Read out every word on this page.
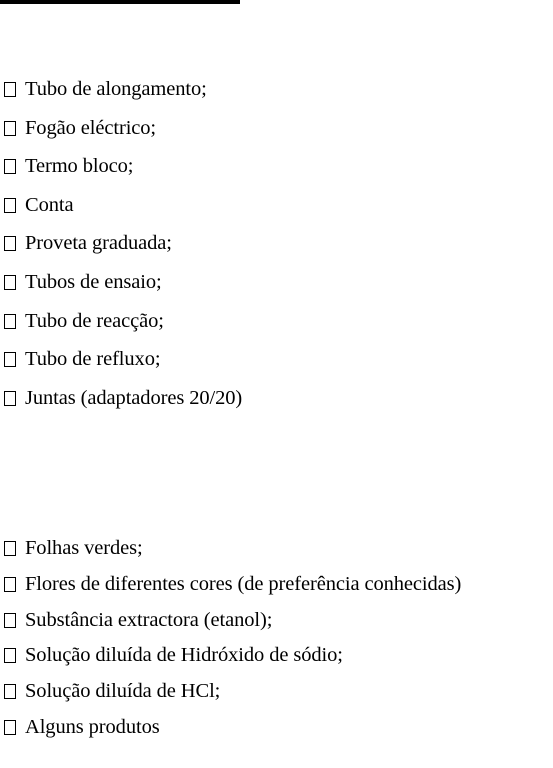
Tubo de alongamento;
Fogão eléctrico;
Termo bloco;
Conta
Proveta graduada;
Tubos de ensaio;
Tubo de reacção;
Tubo de refluxo;
Juntas (adaptadores 20/20)
Folhas verdes;
Flores de diferentes cores (de preferência conhecidas)
Substância extractora (etanol);
Solução diluída de Hidróxido de sódio;
Solução diluída de HCl;
Alguns produtos
